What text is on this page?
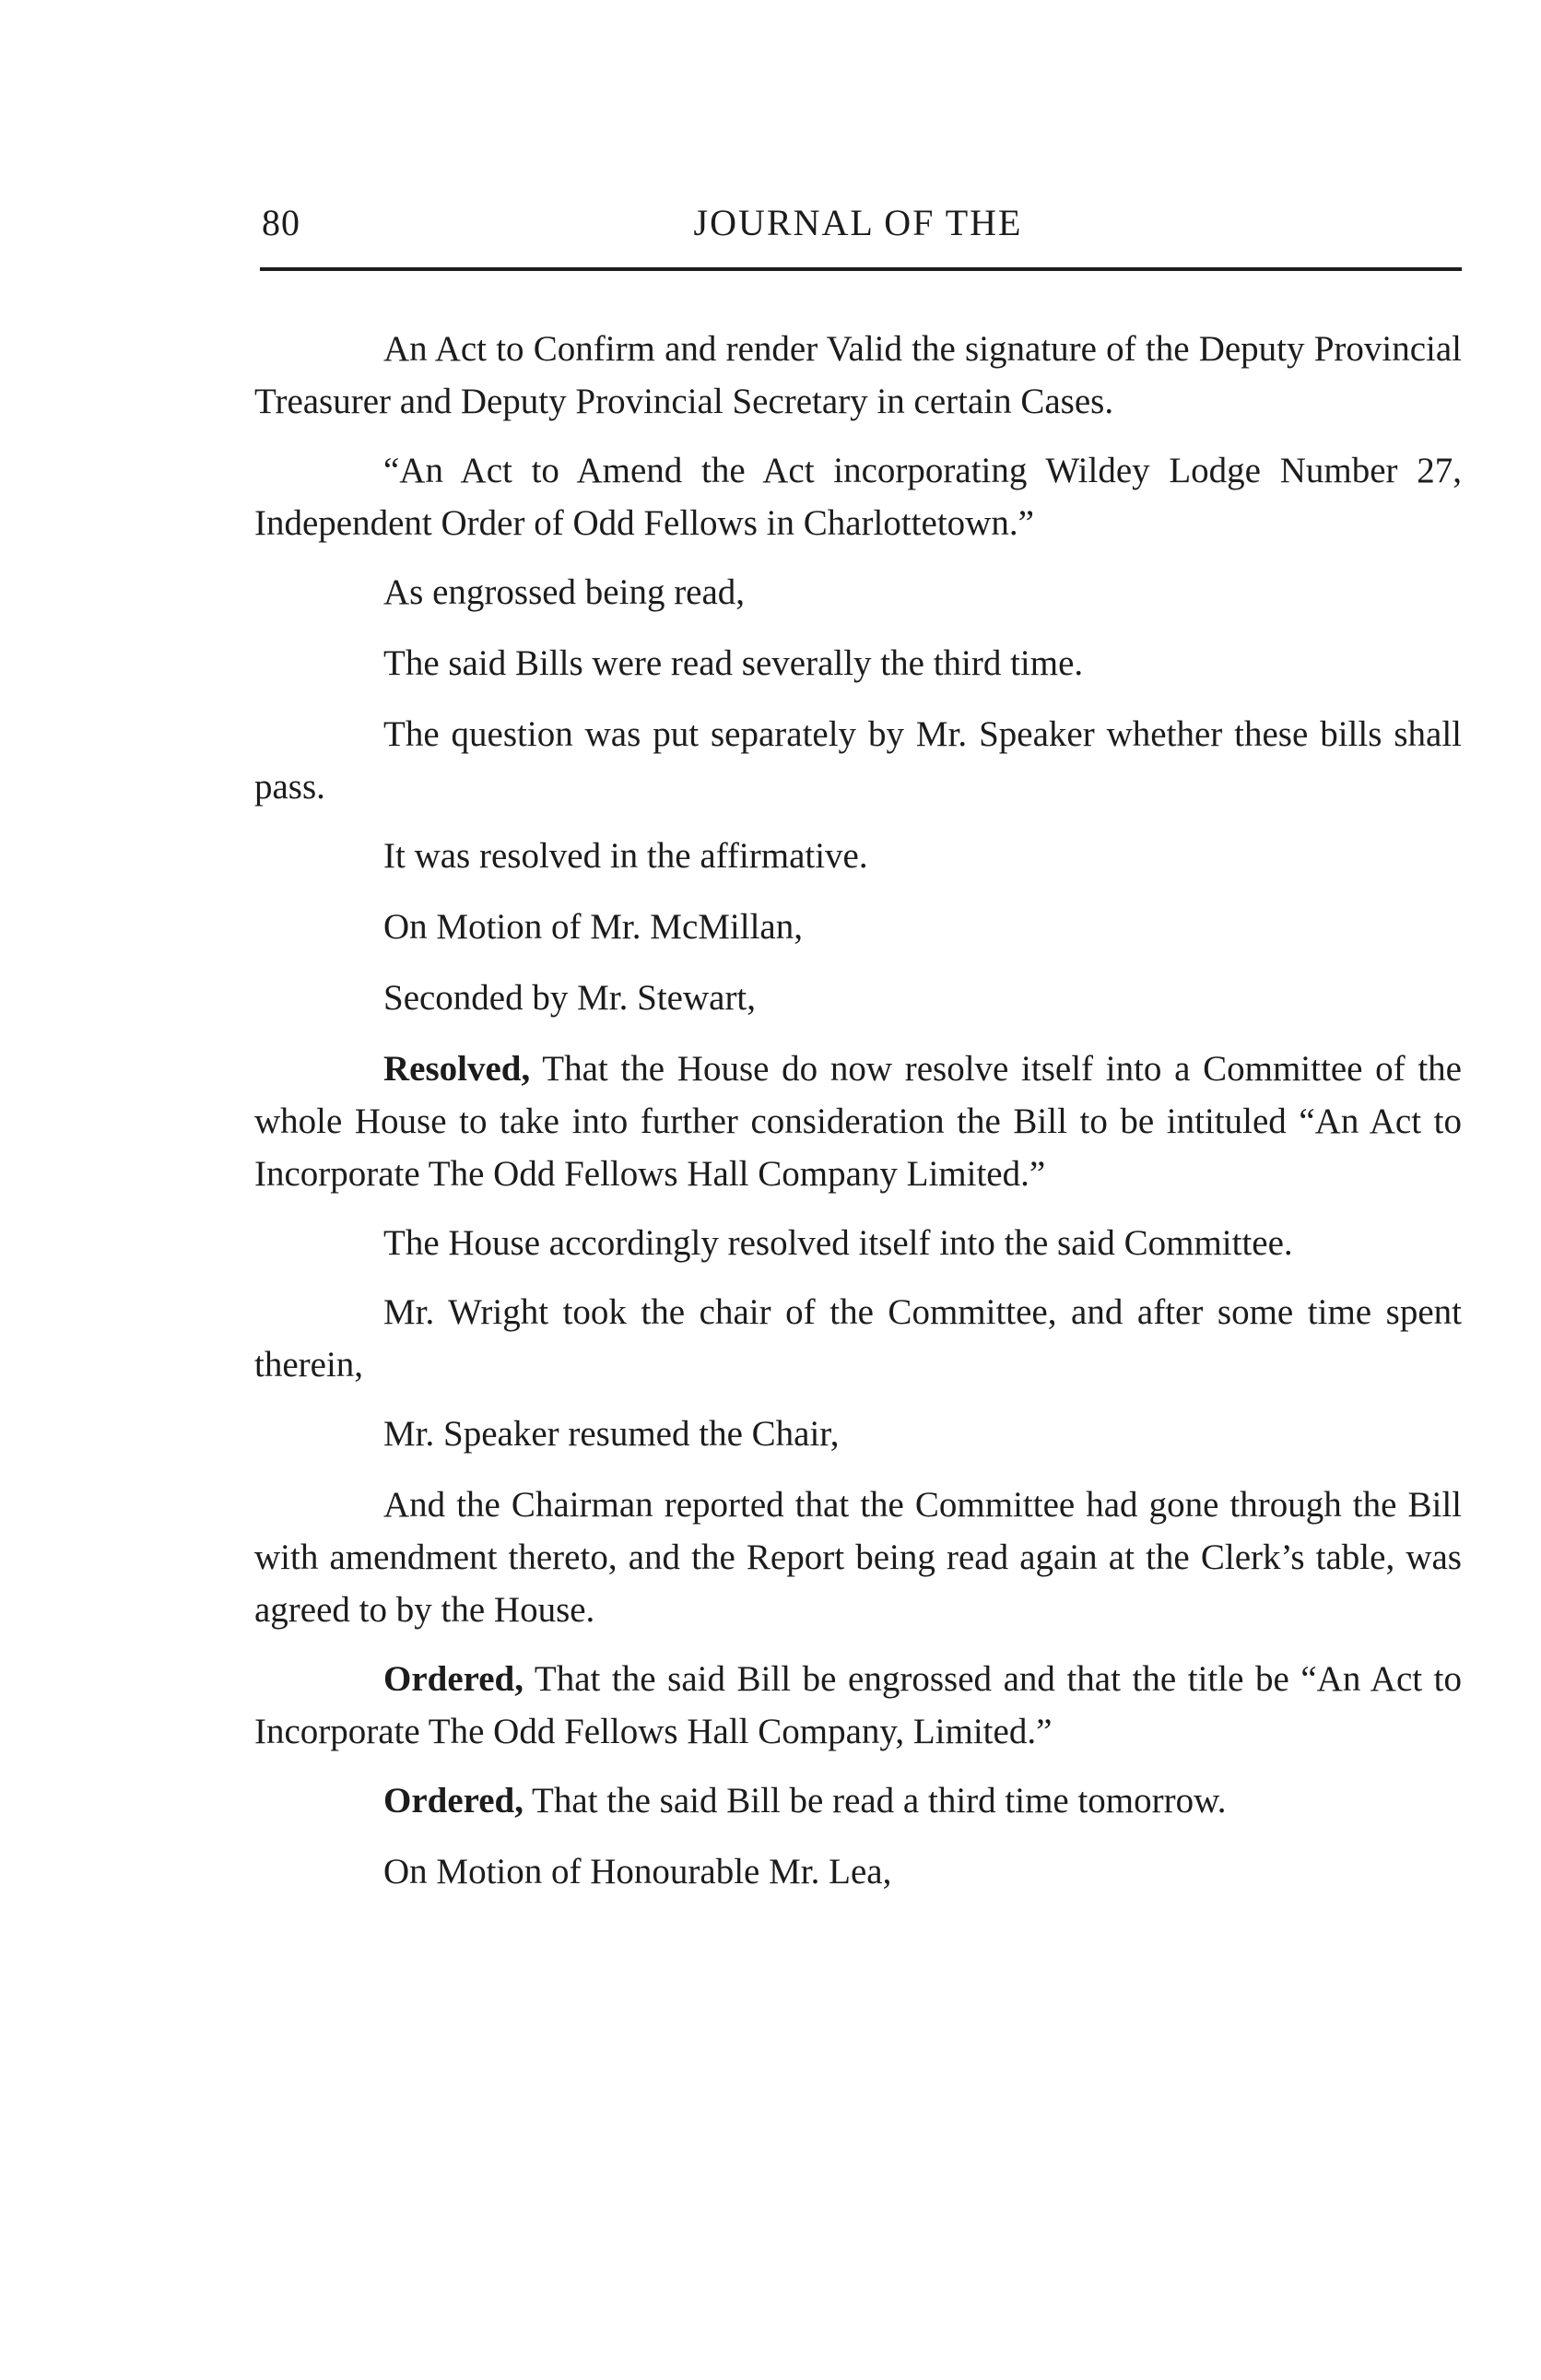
JOURNAL OF THE
80

An Act to Confirm and render Valid the signature of the Deputy Provincial Treasurer and Deputy Provincial Secretary in certain Cases.

“An Act to Amend the Act incorporating Wildey Lodge Number 27, Independent Order of Odd Fellows in Charlottetown.”

As engrossed being read,

The said Bills were read severally the third time.

The question was put separately by Mr. Speaker whether these bills shall pass.

It was resolved in the affirmative.

On Motion of Mr. McMillan,

Seconded by Mr. Stewart,

Resolved, That the House do now resolve itself into a Committee of the whole House to take into further consideration the Bill to be intituled “An Act to Incorporate The Odd Fellows Hall Company Limited.”

The House accordingly resolved itself into the said Committee.

Mr. Wright took the chair of the Committee, and after some time spent therein,

Mr. Speaker resumed the Chair,

And the Chairman reported that the Committee had gone through the Bill with amendment thereto, and the Report being read again at the Clerk’s table, was agreed to by the House.

Ordered, That the said Bill be engrossed and that the title be “An Act to Incorporate The Odd Fellows Hall Company, Limited.”

Ordered, That the said Bill be read a third time tomorrow.

On Motion of Honourable Mr. Lea,
